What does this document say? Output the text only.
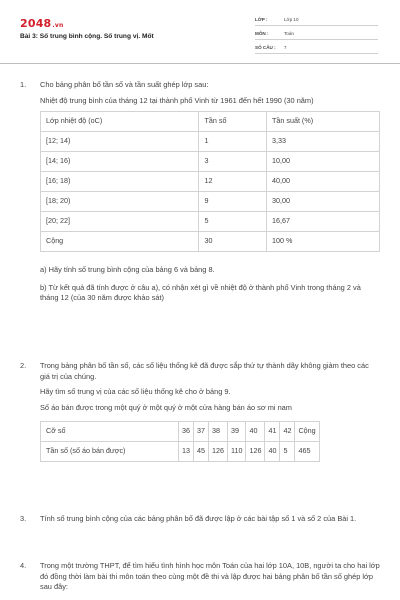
2048.vn
Bài 3: Số trung bình cộng. Số trung vị. Mốt
LỚP :	Lớp 10
MÔN :	Toán
SỐ CÂU : 7
1. Cho bảng phân bố tần số và tần suất ghép lớp sau:
Nhiệt độ trung bình của tháng 12 tại thành phố Vinh từ 1961 đến hết 1990 (30 năm)
Lớp nhiệt độ (oC)	Tần số	Tần suất (%)
[12; 14)	1	3,33
[14; 16)	3	10,00
[16; 18)	12	40,00
[18; 20)	9	30,00
[20; 22]	5	16,67
Cộng	30	100 %
a) Hãy tính số trung bình cộng của bảng 6 và bảng 8.
b) Từ kết quả đã tính được ở câu a), có nhận xét gì về nhiệt độ ở thành phố Vinh trong tháng 2 và tháng 12 (của 30 năm được khảo sát)
2. Trong bảng phân bố tần số, các số liệu thống kê đã được sắp thứ tự thành dãy không giảm theo các giá trị của chúng.
Hãy tìm số trung vị của các số liệu thống kê cho ở bảng 9.
Số áo bán được trong một quý ở một quý ở một cửa hàng bán áo sơ mi nam
Cỡ số	36	37	38	39	40	41	42	Cộng
Tần số (số áo bán được)	13	45	126	110	126	40	5	465
3. Tính số trung bình cộng của các bảng phân bố đã được lập ở các bài tập số 1 và số 2 của Bài 1.
4. Trong một trường THPT, để tìm hiểu tình hình học môn Toán của hai lớp 10A, 10B, người ta cho hai lớp đó đồng thời làm bài thi môn toán theo cùng một đề thi và lập được hai bảng phân bố tần số ghép lớp sau đây:
